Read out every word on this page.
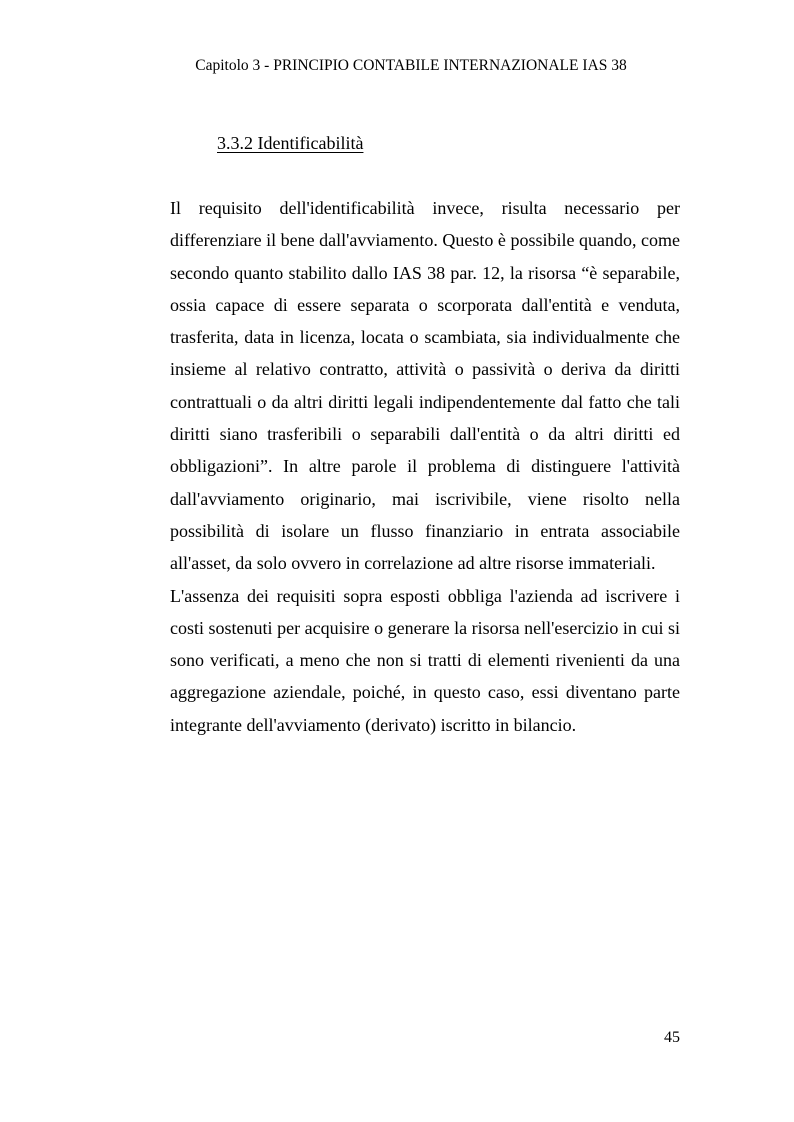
Capitolo 3 - PRINCIPIO CONTABILE INTERNAZIONALE IAS 38
3.3.2 Identificabilità

Il requisito dell'identificabilità invece, risulta necessario per differenziare il bene dall'avviamento. Questo è possibile quando, come secondo quanto stabilito dallo IAS 38 par. 12, la risorsa “è separabile, ossia capace di essere separata o scorporata dall'entità e venduta, trasferita, data in licenza, locata o scambiata, sia individualmente che insieme al relativo contratto, attività o passività o deriva da diritti contrattuali o da altri diritti legali indipendentemente dal fatto che tali diritti siano trasferibili o separabili dall'entità o da altri diritti ed obbligazioni”. In altre parole il problema di distinguere l'attività dall'avviamento originario, mai iscrivibile, viene risolto nella possibilità di isolare un flusso finanziario in entrata associabile all'asset, da solo ovvero in correlazione ad altre risorse immateriali.

L'assenza dei requisiti sopra esposti obbliga l'azienda ad iscrivere i costi sostenuti per acquisire o generare la risorsa nell'esercizio in cui si sono verificati, a meno che non si tratti di elementi rivenienti da una aggregazione aziendale, poiché, in questo caso, essi diventano parte integrante dell'avviamento (derivato) iscritto in bilancio.

45
